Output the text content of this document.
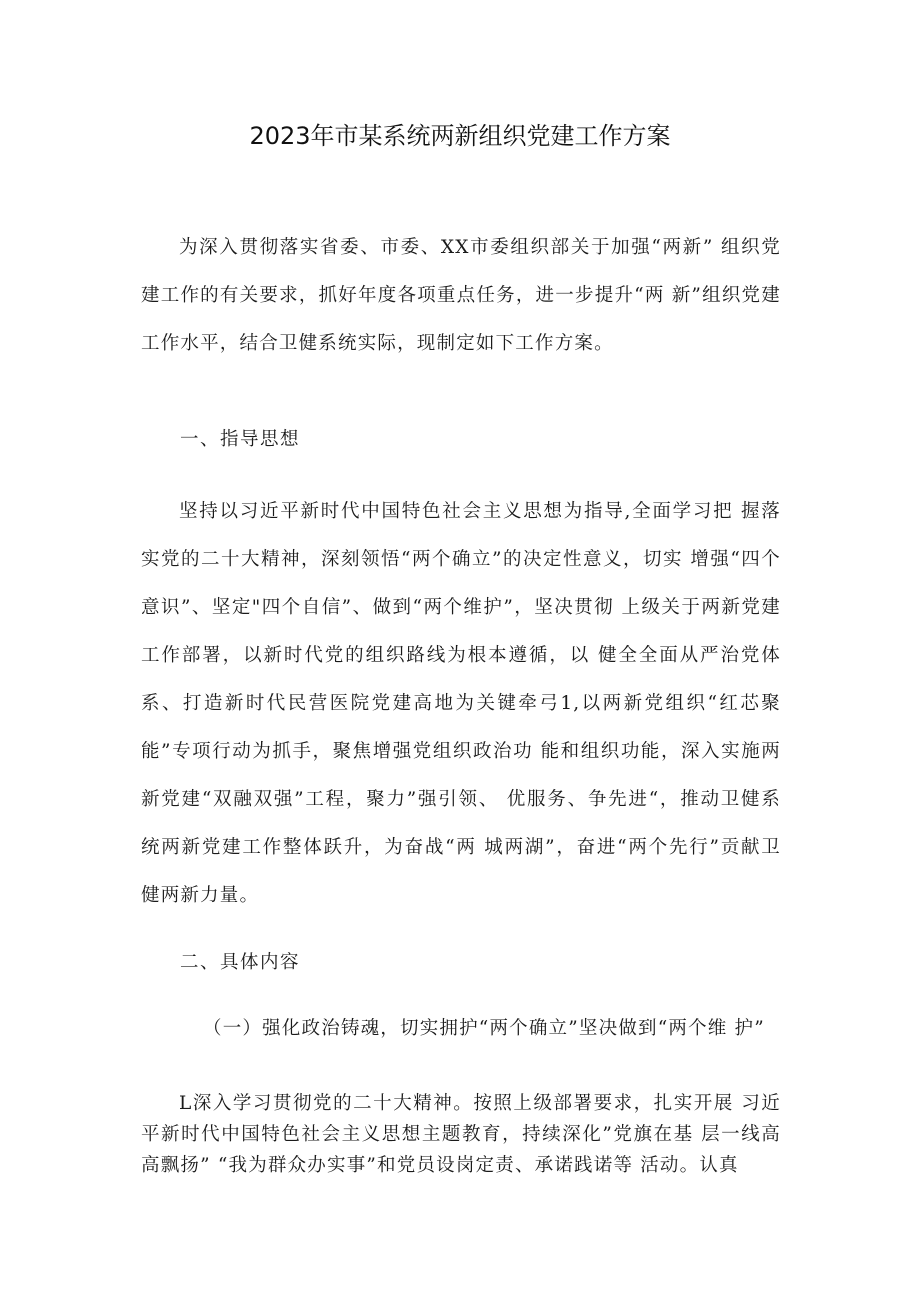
2023年市某系统两新组织党建工作方案

为深入贯彻落实省委、市委、XX市委组织部关于加强“两新” 组织党建工作的有关要求，抓好年度各项重点任务，进一步提升“两 新”组织党建工作水平，结合卫健系统实际，现制定如下工作方案。

一、指导思想

坚持以习近平新时代中国特色社会主义思想为指导,全面学习把 握落实党的二十大精神，深刻领悟“两个确立”的决定性意义，切实 增强“四个意识”、坚定"四个自信”、做到“两个维护”，坚决贯彻 上级关于两新党建工作部署，以新时代党的组织路线为根本遵循，以 健全全面从严治党体系、打造新时代民营医院党建高地为关键牵弓1,以两新党组织“红芯聚能”专项行动为抓手，聚焦增强党组织政治功 能和组织功能，深入实施两新党建“双融双强”工程，聚力”强引领、 优服务、争先进“，推动卫健系统两新党建工作整体跃升，为奋战“两 城两湖”，奋进“两个先行”贡献卫健两新力量。

二、具体内容
（一）强化政治铸魂，切实拥护“两个确立”坚决做到“两个维 护”

L深入学习贯彻党的二十大精神。按照上级部署要求，扎实开展 习近平新时代中国特色社会主义思想主题教育，持续深化”党旗在基 层一线高高飘扬” “我为群众办实事”和党员设岗定责、承诺践诺等 活动。认真
